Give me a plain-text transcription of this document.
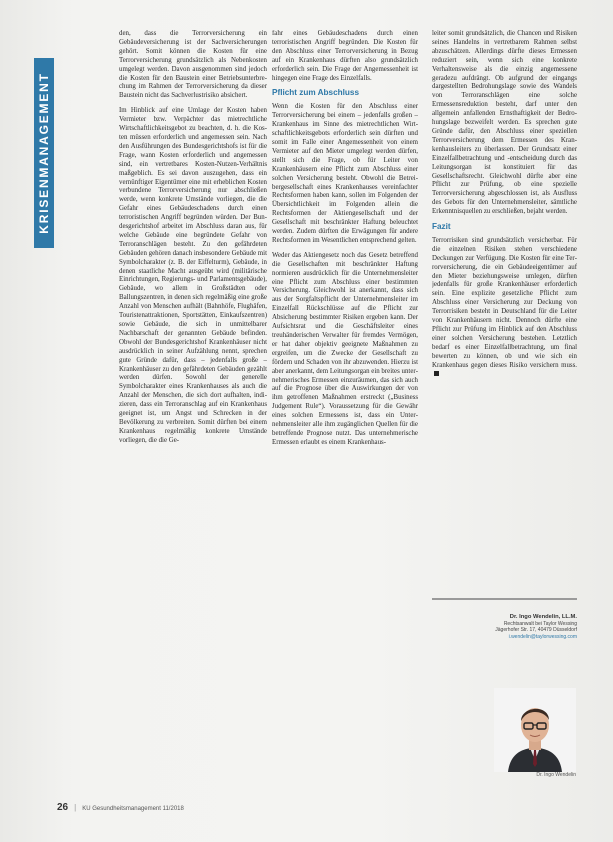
KRISENMANAGEMENT

den, dass die Terrorversicherung ein Gebäudeversicherung ist der Sachversicherungen gehört. Somit können die Kosten für eine Terrorversicherung grundsätzlich als Nebenkosten umgelegt werden. Davon ausgenommen sind jedoch die Kosten für den Baustein einer Betriebsunterbrechung im Rahmen der Terrorversicherung da dieser Baustein nicht das Sachverlustrisiko absichert.

Im Hinblick auf eine Umlage der Kosten haben Vermieter bzw. Verpächter das mietrechtliche Wirtschaftlichkeitsgebot zu beachten, d. h. die Kosten müssen erforderlich und angemessen sein. Nach den Ausführungen des Bundesgerichtshofs ist für die Frage, wann Kosten erforderlich und angemessen sind, ein vertretbares Kosten-Nutzen-Verhältnis maßgeblich. Es sei davon auszugehen, dass ein vernünftiger Eigentümer eine mit erheblichen Kosten verbundene Terrorversicherung nur abschließen werde, wenn konkrete Umstände vorliegen, die die Gefahr eines Gebäudeschadens durch einen terroristischen Angriff begründen würden. Der Bundesgerichtshof arbeitet im Abschluss daran aus, für welche Gebäude eine begründete Gefahr von Terroranschlägen besteht. Zu den gefährdeten Gebäuden gehören danach insbesondere Gebäude mit Symbolcharakter (z. B. der Eiffelturm), Gebäude, in denen staatliche Macht ausgeübt wird (militärische Einrichtungen, Regierungs- und Parlamentsgebäude), Gebäude, wo allem in Großstädten oder Ballungszentren, in denen sich regelmäßig eine große Anzahl von Menschen aufhält (Bahnhöfe, Flughäfen, Touristenattraktionen, Sportstätten, Einkaufszentren) sowie Gebäude, die sich in unmittelbarer Nachbarschaft der genannten Gebäude befinden. Obwohl der Bundesgerichtshof Krankenhäuser nicht ausdrücklich in seiner Aufzählung nennt, sprechen gute Gründe dafür, dass – jedenfalls große – Krankenhäuser zu den gefährdeten Gebäuden gezählt werden dürfen. Sowohl der generelle Symbolcharakter eines Krankenhauses als auch die Anzahl der Menschen, die sich dort aufhalten, indizieren, dass ein Terroranschlag auf ein Krankenhaus geeignet ist, um Angst und Schrecken in der Bevölkerung zu verbreiten. Somit dürften bei einem Krankenhaus regelmäßig konkrete Umstände vorliegen, die die Ge-

fahr eines Gebäudeschadens durch einen terroristischen Angriff begründen. Die Kosten für den Abschluss einer Terrorversicherung in Bezug auf ein Krankenhaus dürften also grundsätzlich erforderlich sein. Die Frage der Angemessenheit ist hingegen eine Frage des Einzelfalls.

Pflicht zum Abschluss

Wenn die Kosten für den Abschluss einer Terrorversicherung bei einem – jedenfalls großen – Krankenhaus im Sinne des mietrechtlichen Wirtschaftlichkeitsgebots erforderlich sein dürften und somit im Falle einer Angemessenheit von einem Vermieter auf den Mieter umgelegt werden dürfen, stellt sich die Frage, ob für Leiter von Krankenhäusern eine Pflicht zum Abschluss einer solchen Versicherung besteht. Obwohl die Betreibergesellschaft eines Krankenhauses vereinfachter Rechtsformen haben kann, sollen im Folgenden der Übersichtlichkeit im Folgenden allein die Rechtsformen der Aktiengesellschaft und der Gesellschaft mit beschränkter Haftung beleuchtet werden. Zudem dürften die Erwägungen für andere Rechtsformen im Wesentlichen entsprechend gelten.

Weder das Aktiengesetz noch das Gesetz betreffend die Gesellschaften mit beschränkter Haftung normieren ausdrücklich für die Unternehmensleiter eine Pflicht zum Abschluss einer bestimmten Versicherung. Gleichwohl ist anerkannt, dass sich aus der Sorgfaltspflicht der Unternehmensleiter im Einzelfall Rückschlüsse auf die Pflicht zur Absicherung bestimmter Risiken ergeben kann. Der Aufsichtsrat und die Geschäftsleiter eines treuhänderischen Verwalter für fremdes Vermögen, er hat daher objektiv geeignete Maßnahmen zu ergreifen, um die Zwecke der Gesellschaft zu fördern und Schaden von ihr abzuwenden. Hierzu ist aber anerkannt, dem Leitungsorgan ein breites unternehmerisches Ermessen einzuräumen, das sich auch auf die Prognose über die Auswirkungen der von ihm getroffenen Maßnahmen erstreckt („Business Judgement Rule“). Voraussetzung für die Gewähr eines solchen Ermessens ist, dass ein Unternehmensleiter alle ihm zugänglichen Quellen für die betreffende Prognose nutzt. Das unternehmerische Ermessen erlaubt es einem Krankenhaus-

leiter somit grundsätzlich, die Chancen und Risiken seines Handelns in vertretbarem Rahmen selbst abzuschätzen. Allerdings dürfte dieses Ermessen reduziert sein, wenn sich eine konkrete Verhaltensweise als die einzig angemessene geradezu aufdrängt. Ob aufgrund der eingangs dargestellten Bedrohungslage sowie des Wandels von Terroranschlägen eine solche Ermessensreduktion besteht, darf unter den allgemein anfallenden Ernsthaftigkeit der Bedrohungslage bezweifelt werden. Es sprechen gute Gründe dafür, den Abschluss einer speziellen Terrorversicherung dem Ermessen des Krankenhausleiters zu überlassen. Der Grundsatz einer Einzelfallbetrachtung und -entscheidung durch das Leitungsorgan ist konstituiert für das Gesellschaftsrecht. Gleichwohl dürfte aber eine Pflicht zur Prüfung, ob eine spezielle Terrorversicherung abgeschlossen ist, als Ausfluss des Gebots für den Unternehmensleiter, sämtliche Erkenntnisquellen zu erschließen, bejaht werden.

Fazit

Terrorrisiken sind grundsätzlich versicherbar. Für die einzelnen Risiken stehen verschiedene Deckungen zur Verfügung. Die Kosten für eine Terrorversicherung, die ein Gebäudeeigentümer auf den Mieter beziehungsweise umlegen, dürften jedenfalls für große Krankenhäuser erforderlich sein. Eine explizite gesetzliche Pflicht zum Abschluss einer Versicherung zur Deckung von Terrorrisiken besteht in Deutschland für die Leiter von Krankenhäusern nicht. Dennoch dürfte eine Pflicht zur Prüfung im Hinblick auf den Abschluss einer solchen Versicherung bestehen. Letztlich bedarf es einer Einzelfallbetrachtung, um final bewerten zu können, ob und wie sich ein Krankenhaus gegen dieses Risiko versichern muss.

Dr. Ingo Wendelin, LL.M.
Rechtsanwalt bei Taylor Wessing
Jägerhofer Str. 17, 40479 Düsseldorf
i.wendelin@taylorwessing.com
Dr. Ingo Wendelin
26 | KU Gesundheitsmanagement 11/2018
